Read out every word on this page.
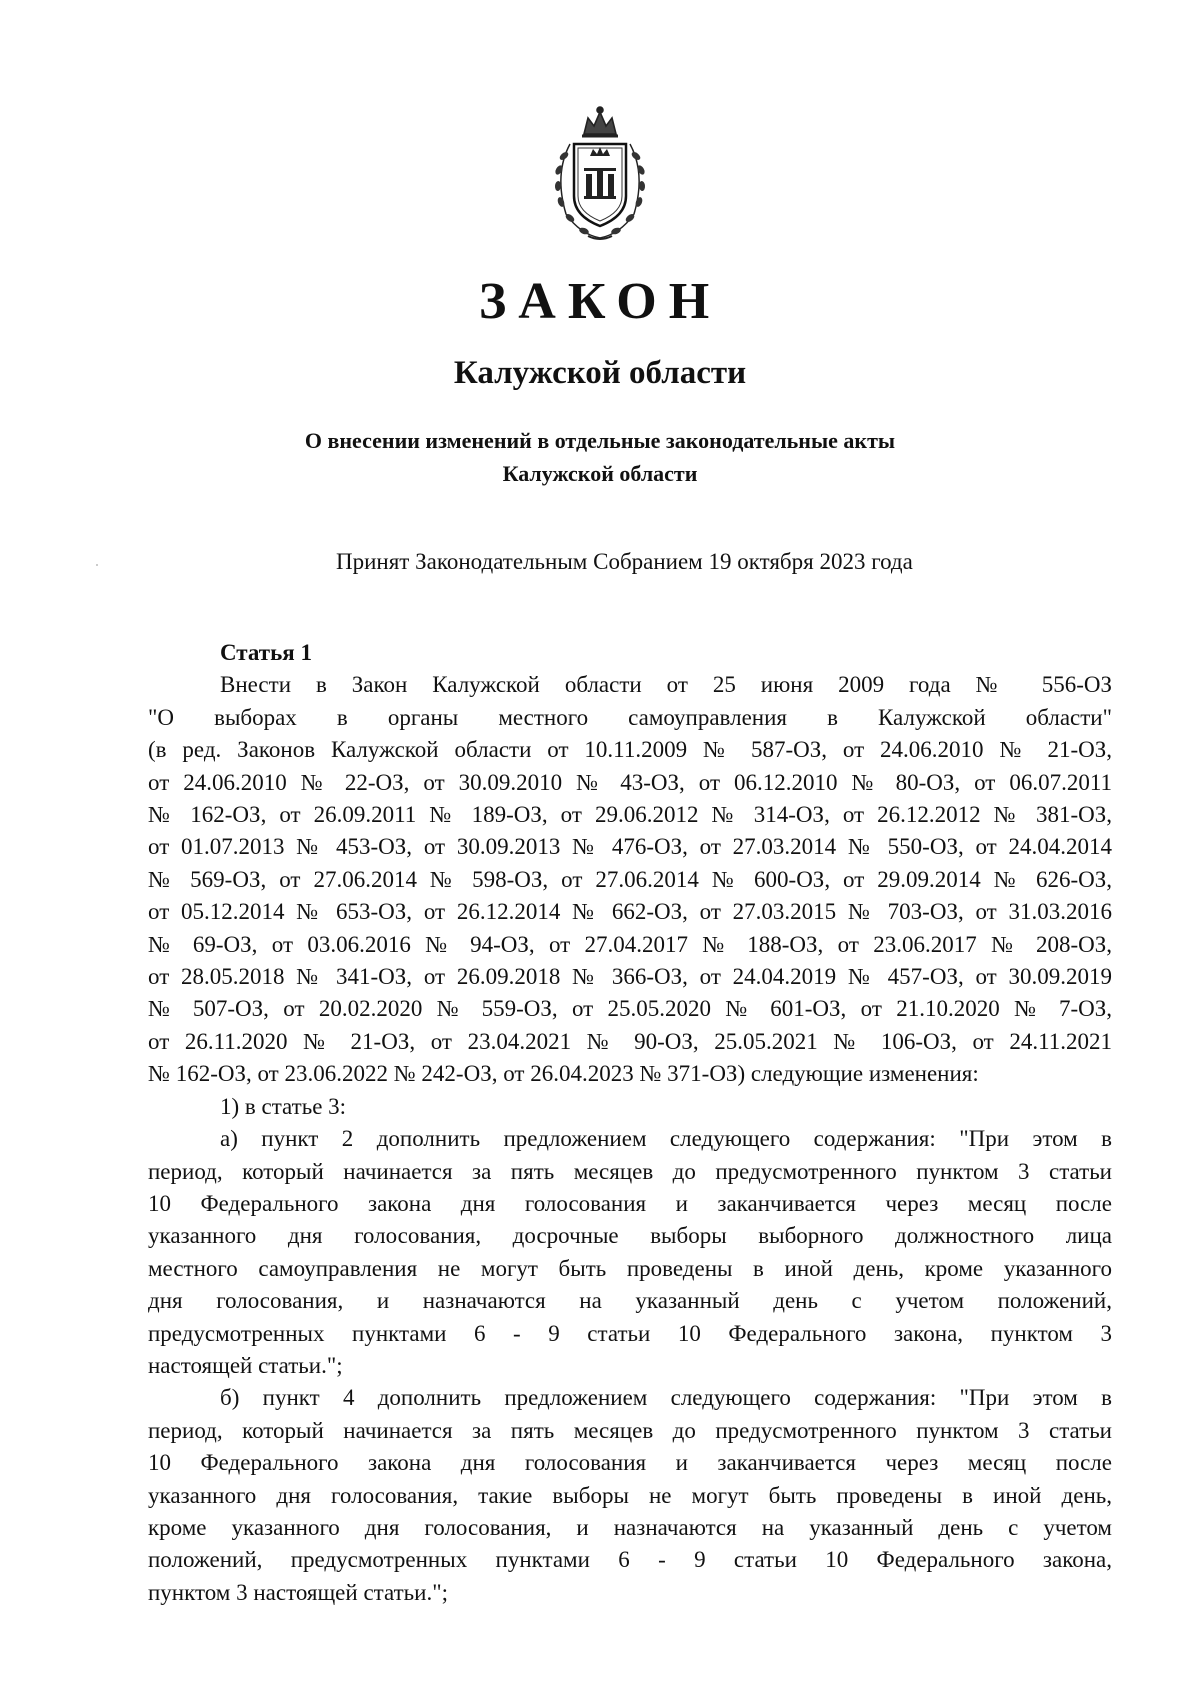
ЗАКОН
Калужской области
О внесении изменений в отдельные законодательные акты
Калужской области
Принят Законодательным Собранием 19 октября 2023 года
Статья 1
Внести в Закон Калужской области от 25 июня 2009 года № 556-ОЗ
"О выборах в органы местного самоуправления в Калужской области"
(в ред. Законов Калужской области от 10.11.2009 № 587-ОЗ, от 24.06.2010 № 21-ОЗ,
от 24.06.2010 № 22-ОЗ, от 30.09.2010 № 43-ОЗ, от 06.12.2010 № 80-ОЗ, от 06.07.2011
№ 162-ОЗ, от 26.09.2011 № 189-ОЗ, от 29.06.2012 № 314-ОЗ, от 26.12.2012 № 381-ОЗ,
от 01.07.2013 № 453-ОЗ, от 30.09.2013 № 476-ОЗ, от 27.03.2014 № 550-ОЗ, от 24.04.2014
№ 569-ОЗ, от 27.06.2014 № 598-ОЗ, от 27.06.2014 № 600-ОЗ, от 29.09.2014 № 626-ОЗ,
от 05.12.2014 № 653-ОЗ, от 26.12.2014 № 662-ОЗ, от 27.03.2015 № 703-ОЗ, от 31.03.2016
№ 69-ОЗ, от 03.06.2016 № 94-ОЗ, от 27.04.2017 № 188-ОЗ, от 23.06.2017 № 208-ОЗ,
от 28.05.2018 № 341-ОЗ, от 26.09.2018 № 366-ОЗ, от 24.04.2019 № 457-ОЗ, от 30.09.2019
№ 507-ОЗ, от 20.02.2020 № 559-ОЗ, от 25.05.2020 № 601-ОЗ, от 21.10.2020 № 7-ОЗ,
от 26.11.2020 № 21-ОЗ, от 23.04.2021 № 90-ОЗ, 25.05.2021 № 106-ОЗ, от 24.11.2021
№ 162-ОЗ, от 23.06.2022 № 242-ОЗ, от 26.04.2023 № 371-ОЗ) следующие изменения:
1) в статье 3:
а) пункт 2 дополнить предложением следующего содержания: "При этом в
период, который начинается за пять месяцев до предусмотренного пунктом 3 статьи
10 Федерального закона дня голосования и заканчивается через месяц после
указанного дня голосования, досрочные выборы выборного должностного лица
местного самоуправления не могут быть проведены в иной день, кроме указанного
дня голосования, и назначаются на указанный день с учетом положений,
предусмотренных пунктами 6 - 9 статьи 10 Федерального закона, пунктом 3
настоящей статьи.";
б) пункт 4 дополнить предложением следующего содержания: "При этом в
период, который начинается за пять месяцев до предусмотренного пунктом 3 статьи
10 Федерального закона дня голосования и заканчивается через месяц после
указанного дня голосования, такие выборы не могут быть проведены в иной день,
кроме указанного дня голосования, и назначаются на указанный день с учетом
положений, предусмотренных пунктами 6 - 9 статьи 10 Федерального закона,
пунктом 3 настоящей статьи.";
